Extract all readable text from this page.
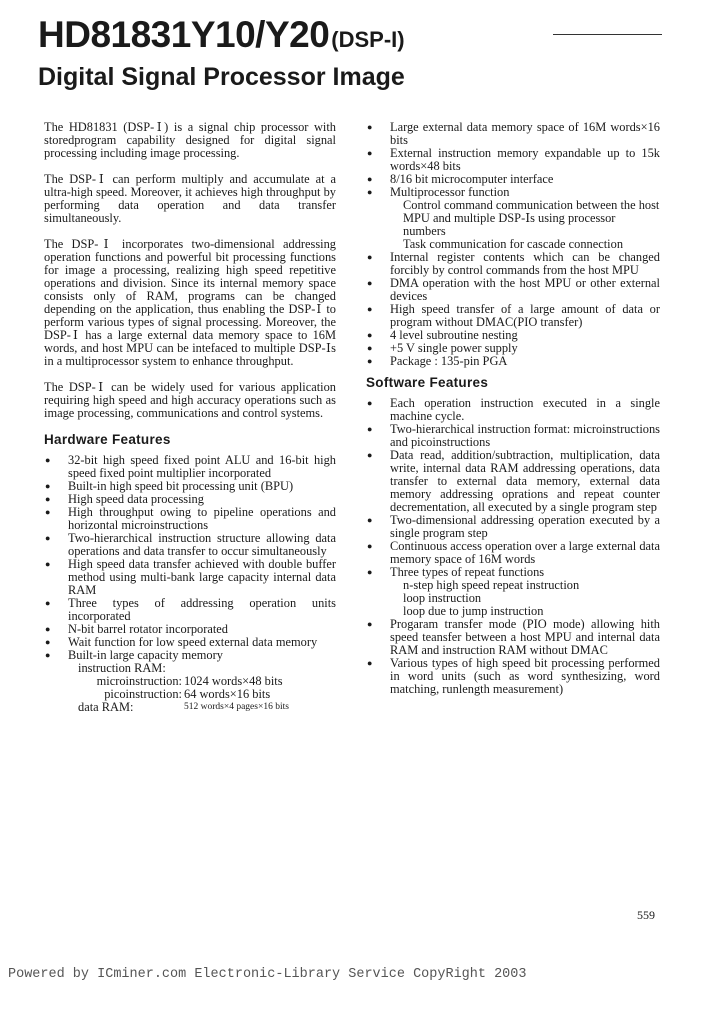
HD81831Y10/Y20(DSP-I)
Digital Signal Processor Image

The HD81831 (DSP-Ⅰ) is a signal chip processor with storedprogram capability designed for digital signal processing including image processing.

The DSP-Ⅰ can perform multiply and accumulate at a ultra-high speed. Moreover, it achieves high throughput by performing data operation and data transfer simultaneously.

The DSP-Ⅰ incorporates two-dimensional addressing operation functions and powerful bit processing functions for image a processing, realizing high speed repetitive operations and division. Since its internal memory space consists only of RAM, programs can be changed depending on the application, thus enabling the DSP-Ⅰ to perform various types of signal processing. Moreover, the DSP-Ⅰ has a large external data memory space to 16M words, and host MPU can be intefaced to multiple DSP-Ⅰs in a multiprocessor system to enhance throughput.

The DSP-Ⅰ can be widely used for various application requiring high speed and high accuracy operations such as image processing, communications and control systems.

Hardware Features
● 32-bit high speed fixed point ALU and 16-bit high speed fixed point multiplier incorporated
● Built-in high speed bit processing unit (BPU)
● High speed data processing
● High throughput owing to pipeline operations and horizontal microinstructions
● Two-hierarchical instruction structure allowing data operations and data transfer to occur simultaneously
● High speed data transfer achieved with double buffer method using multi-bank large capacity internal data RAM
● Three types of addressing operation units incorporated
● N-bit barrel rotator incorporated
● Wait function for low speed external data memory
● Built-in large capacity memory
instruction RAM:
microinstruction: 1024 words×48 bits
picoinstruction: 64 words×16 bits
data RAM:	512 words×4 pages×16 bits
● Large external data memory space of 16M words×16 bits
● External instruction memory expandable up to 15k words×48 bits
● 8/16 bit microcomputer interface
● Multiprocessor function
Control command communication between the host MPU and multiple DSP-Ⅰs using processor numbers
Task communication for cascade connection
● Internal register contents which can be changed forcibly by control commands from the host MPU
● DMA operation with the host MPU or other external devices
● High speed transfer of a large amount of data or program without DMAC(PIO transfer)
● 4 level subroutine nesting
● +5 V single power supply
● Package : 135-pin PGA
Software Features
● Each operation instruction executed in a single machine cycle.
● Two-hierarchical instruction format: microinstructions and picoinstructions
● Data read, addition/subtraction, multiplication, data write, internal data RAM addressing operations, data transfer to external data memory, external data memory addressing oprations and repeat counter decrementation, all executed by a single program step
● Two-dimensional addressing operation executed by a single program step
● Continuous access operation over a large external data memory space of 16M words
● Three types of repeat functions
n-step high speed repeat instruction
loop instruction
loop due to jump instruction
● Progaram transfer mode (PIO mode) allowing hith speed teansfer between a host MPU and internal data RAM and instruction RAM without DMAC
● Various types of high speed bit processing performed in word units (such as word synthesizing, word matching, runlength measurement)
559
Powered by ICminer.com Electronic-Library Service CopyRight 2003
